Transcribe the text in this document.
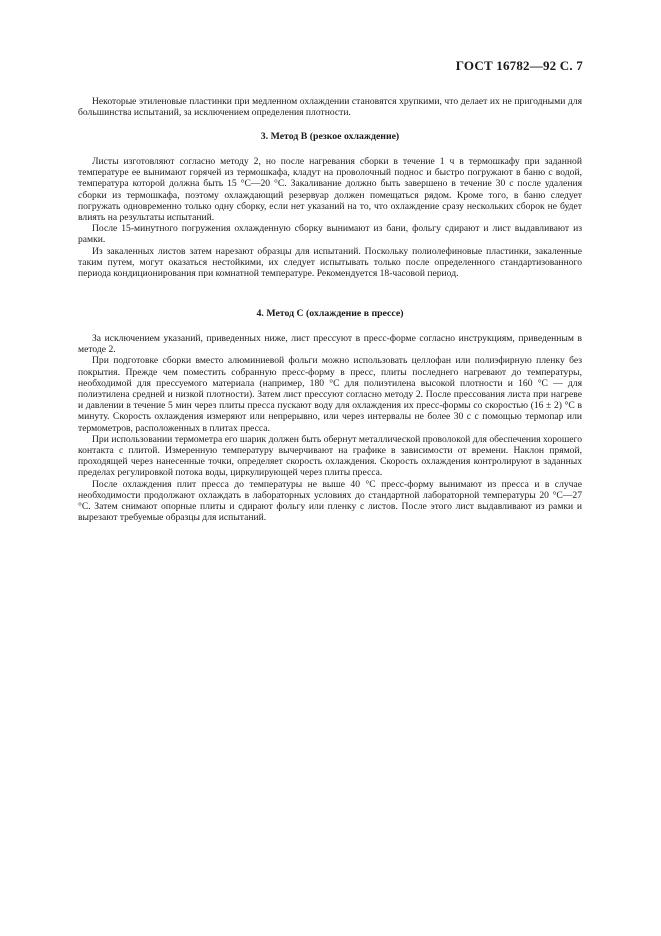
ГОСТ 16782—92 С. 7

Некоторые этиленовые пластинки при медленном охлаждении становятся хрупкими, что делает их не пригодными для большинства испытаний, за исключением определения плотности.

3. Метод В (резкое охлаждение)

Листы изготовляют согласно методу 2, но после нагревания сборки в течение 1 ч в термошкафу при заданной температуре ее вынимают горячей из термошкафа, кладут на проволочный поднос и быстро погружают в баню с водой, температура которой должна быть 15 °С—20 °С. Закаливание должно быть завершено в течение 30 с после удаления сборки из термошкафа, поэтому охлаждающий резервуар должен помещаться рядом. Кроме того, в баню следует погружать одновременно только одну сборку, если нет указаний на то, что охлаждение сразу нескольких сборок не будет влиять на результаты испытаний.

После 15-минутного погружения охлажденную сборку вынимают из бани, фольгу сдирают и лист выдавливают из рамки.

Из закаленных листов затем нарезают образцы для испытаний. Поскольку полиолефиновые пластинки, закаленные таким путем, могут оказаться нестойкими, их следует испытывать только после определенного стандартизованного периода кондиционирования при комнатной температуре. Рекомендуется 18-часовой период.

4. Метод С (охлаждение в прессе)

За исключением указаний, приведенных ниже, лист прессуют в пресс-форме согласно инструкциям, приведенным в методе 2.

При подготовке сборки вместо алюминиевой фольги можно использовать целлофан или полиэфирную пленку без покрытия. Прежде чем поместить собранную пресс-форму в пресс, плиты последнего нагревают до температуры, необходимой для прессуемого материала (например, 180 °С для полиэтилена высокой плотности и 160 °С — для полиэтилена средней и низкой плотности). Затем лист прессуют согласно методу 2. После прессования листа при нагреве и давлении в течение 5 мин через плиты пресса пускают воду для охлаждения их пресс-формы со скоростью (16 ± 2) °С в минуту. Скорость охлаждения измеряют или непрерывно, или через интервалы не более 30 с с помощью термопар или термометров, расположенных в плитах пресса.

При использовании термометра его шарик должен быть обернут металлической проволокой для обеспечения хорошего контакта с плитой. Измеренную температуру вычерчивают на графике в зависимости от времени. Наклон прямой, проходящей через нанесенные точки, определяет скорость охлаждения. Скорость охлаждения контролируют в заданных пределах регулировкой потока воды, циркулирующей через плиты пресса.

После охлаждения плит пресса до температуры не выше 40 °С пресс-форму вынимают из пресса и в случае необходимости продолжают охлаждать в лабораторных условиях до стандартной лабораторной температуры 20 °С—27 °С. Затем снимают опорные плиты и сдирают фольгу или пленку с листов. После этого лист выдавливают из рамки и вырезают требуемые образцы для испытаний.
